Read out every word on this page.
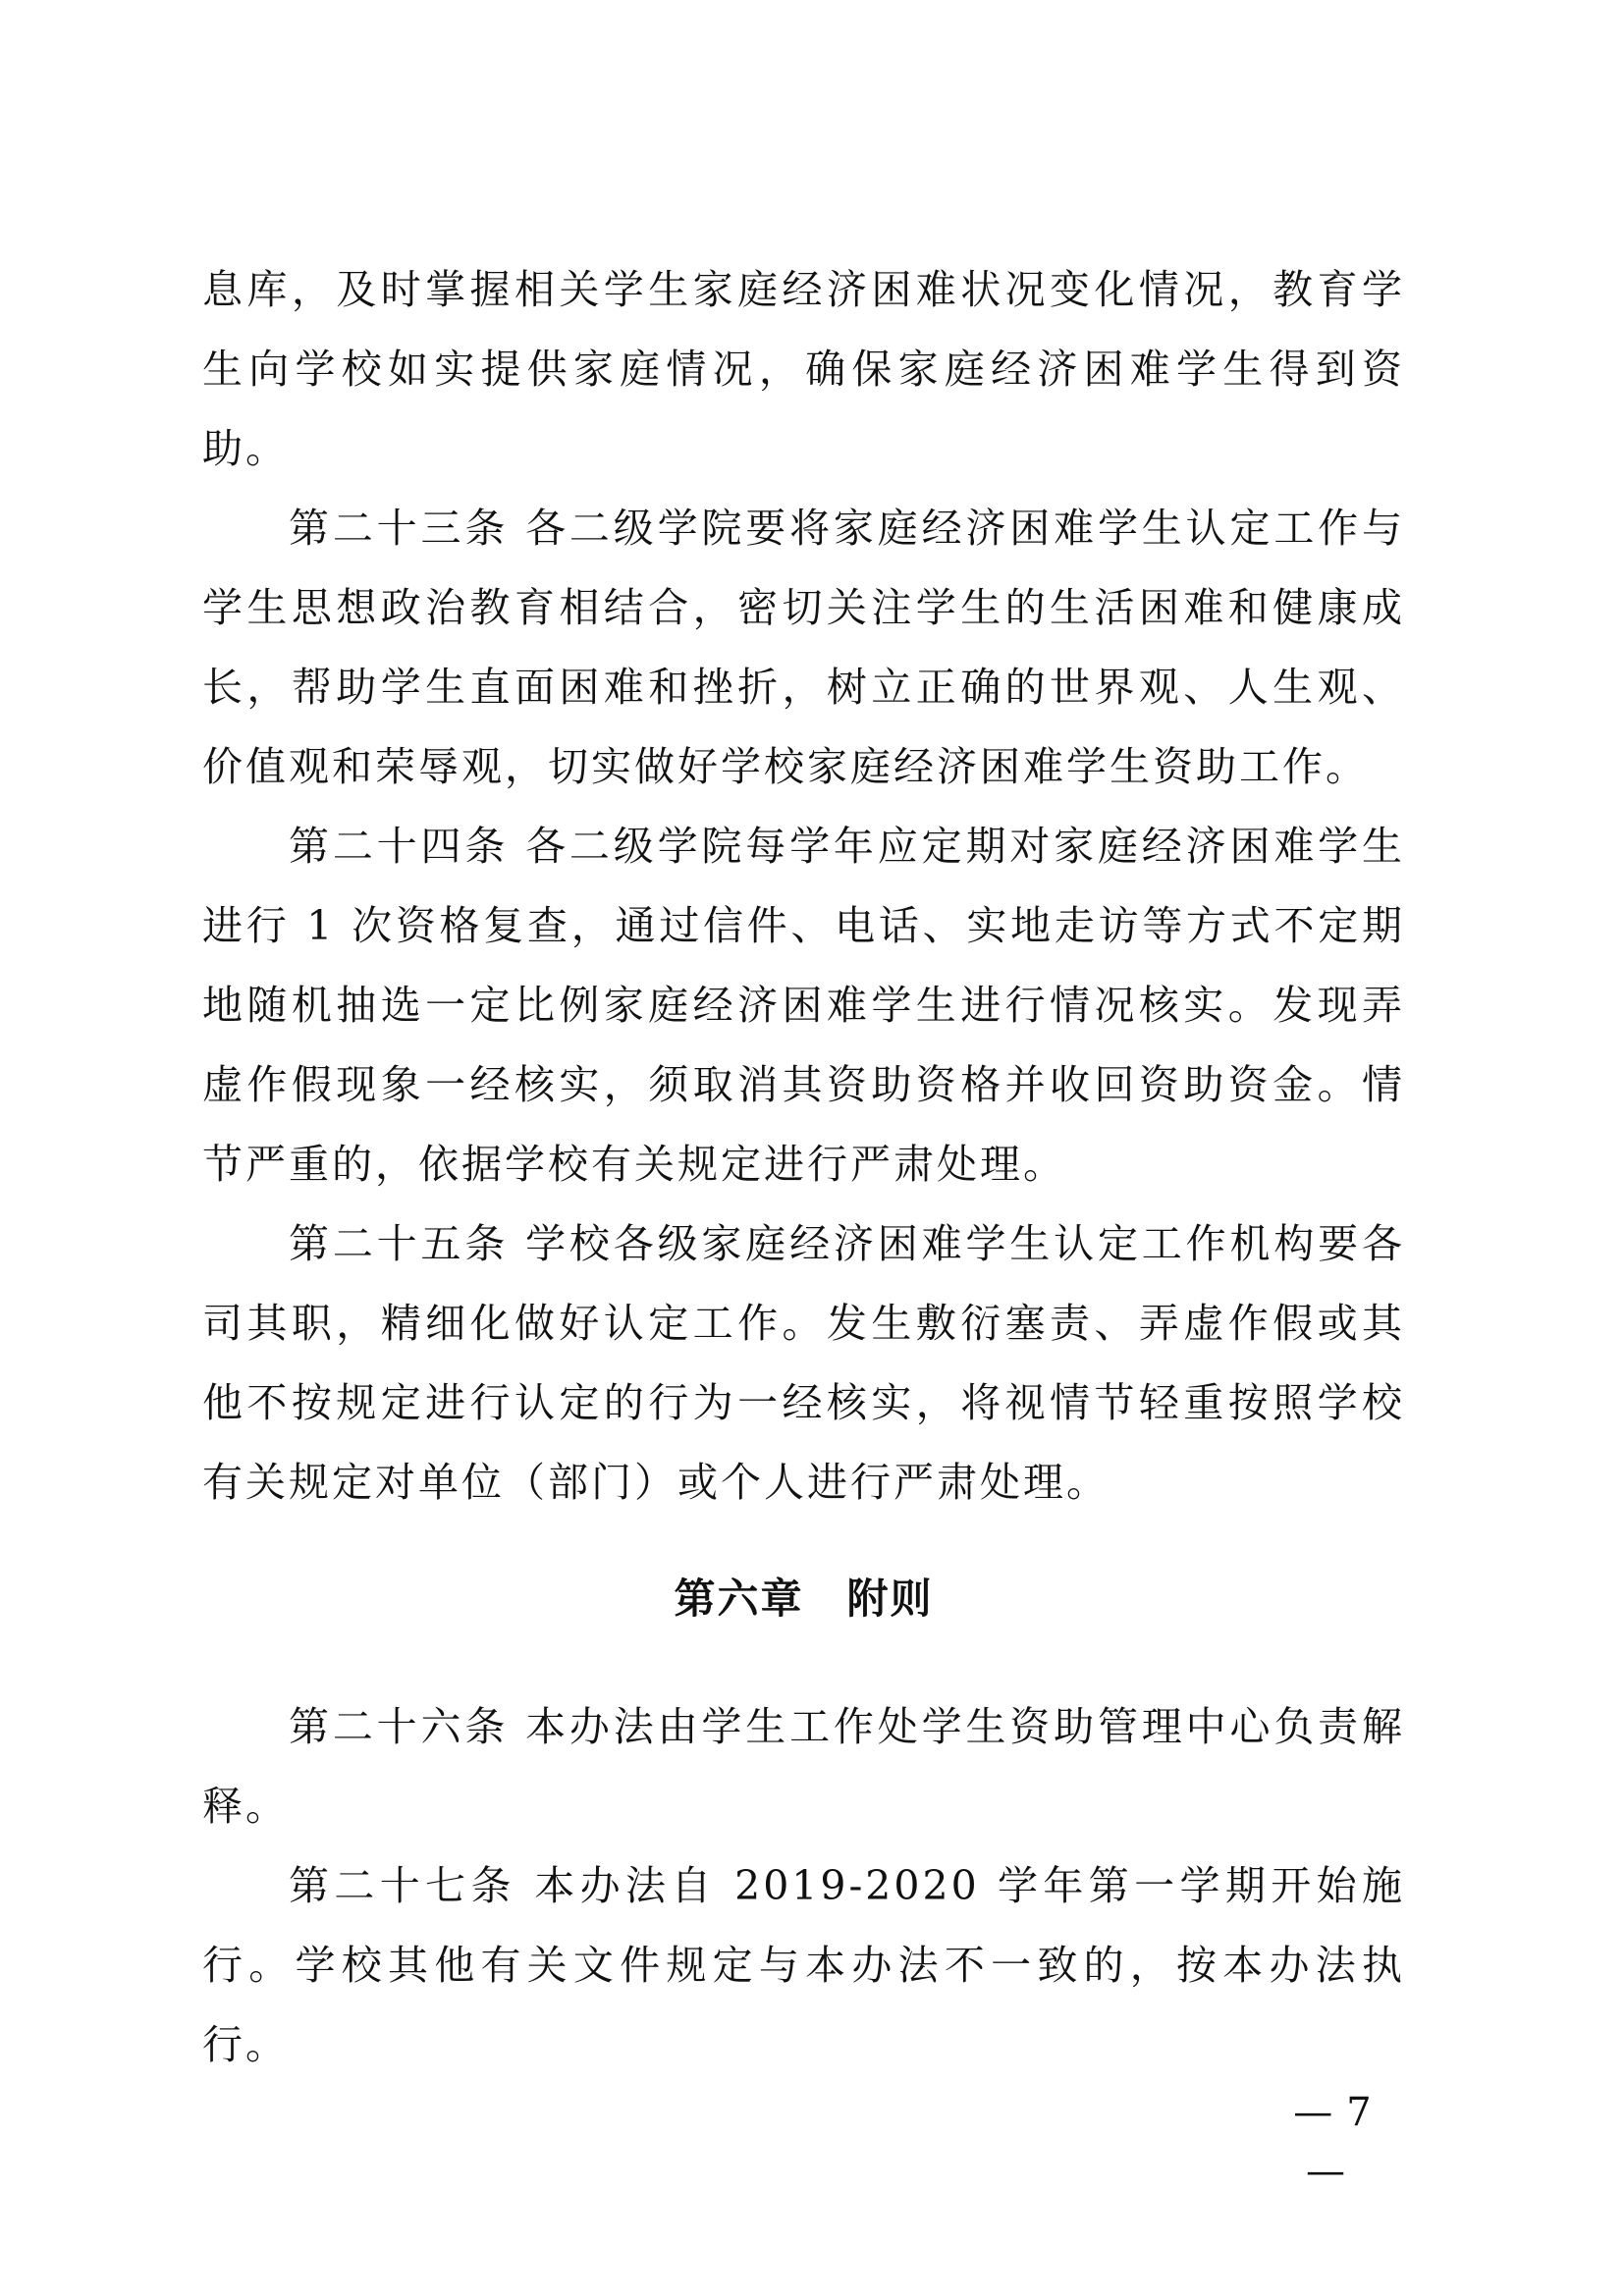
息库，及时掌握相关学生家庭经济困难状况变化情况，教育学生向学校如实提供家庭情况，确保家庭经济困难学生得到资助。

第二十三条 各二级学院要将家庭经济困难学生认定工作与学生思想政治教育相结合，密切关注学生的生活困难和健康成长，帮助学生直面困难和挫折，树立正确的世界观、人生观、价值观和荣辱观，切实做好学校家庭经济困难学生资助工作。

第二十四条 各二级学院每学年应定期对家庭经济困难学生进行 1 次资格复查，通过信件、电话、实地走访等方式不定期地随机抽选一定比例家庭经济困难学生进行情况核实。发现弄虚作假现象一经核实，须取消其资助资格并收回资助资金。情节严重的，依据学校有关规定进行严肃处理。

第二十五条 学校各级家庭经济困难学生认定工作机构要各司其职，精细化做好认定工作。发生敷衍塞责、弄虚作假或其他不按规定进行认定的行为一经核实，将视情节轻重按照学校有关规定对单位（部门）或个人进行严肃处理。

第六章 附则

第二十六条 本办法由学生工作处学生资助管理中心负责解释。

第二十七条 本办法自 2019-2020 学年第一学期开始施行。学校其他有关文件规定与本办法不一致的，按本办法执行。

— 7—
